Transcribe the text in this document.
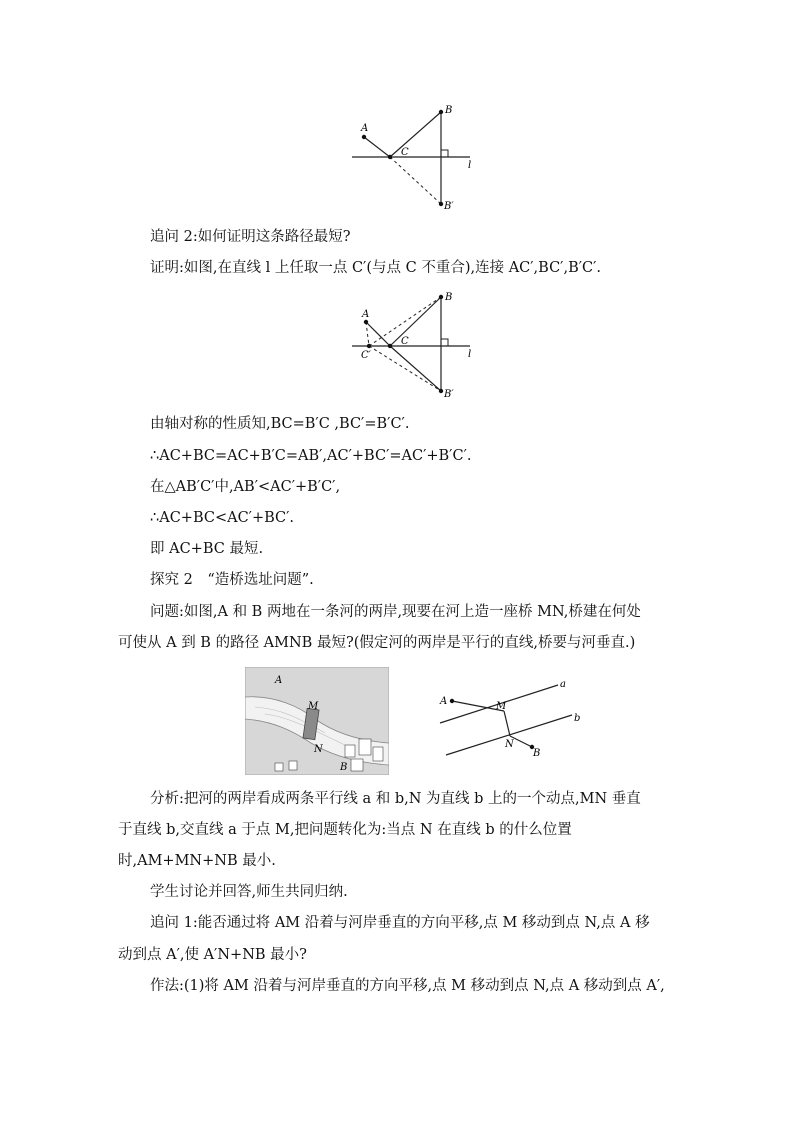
A
B
C
B′
l
追问 2:如何证明这条路径最短?
证明:如图,在直线 l 上任取一点 C′(与点 C 不重合),连接 AC′,BC′,B′C′.
A
B
C
C′
B′
l
由轴对称的性质知,BC=B′C ,BC′=B′C′.
∴AC+BC=AC+B′C=AB′,AC′+BC′=AC′+B′C′.
在△AB′C′中,AB′<AC′+B′C′,
∴AC+BC<AC′+BC′.
即 AC+BC 最短.
探究 2　“造桥选址问题”.
问题:如图,A 和 B 两地在一条河的两岸,现要在河上造一座桥 MN,桥建在何处
可使从 A 到 B 的路径 AMNB 最短?(假定河的两岸是平行的直线,桥要与河垂直.)
A
M
N
B
A	M
N
B
a
b
分析:把河的两岸看成两条平行线 a 和 b,N 为直线 b 上的一个动点,MN 垂直
于直线 b,交直线 a 于点 M,把问题转化为:当点 N 在直线 b 的什么位置
时,AM+MN+NB 最小.
学生讨论并回答,师生共同归纳.
追问 1:能否通过将 AM 沿着与河岸垂直的方向平移,点 M 移动到点 N,点 A 移
动到点 A′,使 A′N+NB 最小?
作法:(1)将 AM 沿着与河岸垂直的方向平移,点 M 移动到点 N,点 A 移动到点 A′,
